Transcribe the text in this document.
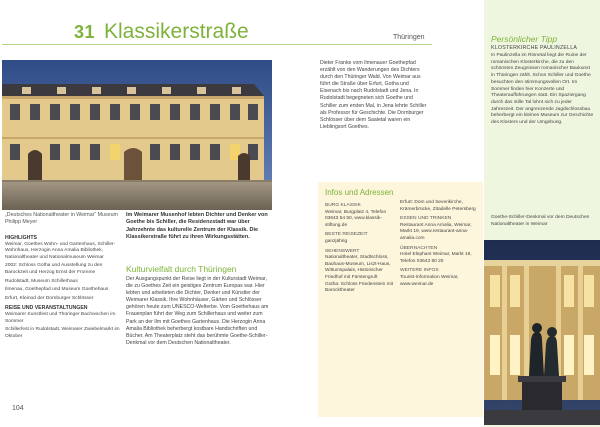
31 Klassikerstraße	Thüringen
„Deutsches Nationaltheater in Weimar“ Museum Philipp Meyer
HIGHLIGHTS

Weimar, Goethes Wohn- und Gartenhaus, Schiller-Wohnhaus, Herzogin Anna Amalia Bibliothek, Nationaltheater und Nationalmuseum Weimar

2002: Schloss Gotha und Ausstellung zu den Barockzeit und Herzog Ernst der Fromme

Rudolstadt, Museum Schillerhaus

Ilmenau, Goethepfad und Museum Goethehaus

Erfurt, Kleinod der Dornburger Schlösser

REISE UND VERANSTALTUNGEN

Weimarer Kunstfest und Thüringer Bachwochen im Sommer

Schillerfest in Rudolstadt, Weimarer Zwiebelmarkt im Oktober

Im Weimarer Musenhof lebten Dichter und Denker von Goethe bis Schiller, die Residenzstadt war über Jahrzehnte das kulturelle Zentrum der Klassik. Die Klassikerstraße führt zu ihren Wirkungsstätten.
Kulturvielfalt durch Thüringen
Der Ausgangspunkt der Reise liegt in der Kulturstadt Weimar, die zu Goethes Zeit ein geistiges Zentrum Europas war. Hier lebten und arbeiteten die Dichter, Denker und Künstler der Weimarer Klassik. Ihre Wohnhäuser, Gärten und Schlösser gehören heute zum UNESCO-Welterbe. Vom Goethehaus am Frauenplan führt der Weg zum Schillerhaus und weiter zum Park an der Ilm mit Goethes Gartenhaus. Die Herzogin Anna Amalia Bibliothek beherbergt kostbare Handschriften und Bücher. Am Theaterplatz steht das berühmte Goethe-Schiller-Denkmal vor dem Deutschen Nationaltheater.
Dieter Franke vom Ilmenauer Goethepfad erzählt von den Wanderungen des Dichters durch den Thüringer Wald. Von Weimar aus führt die Straße über Erfurt, Gotha und Eisenach bis nach Rudolstadt und Jena. In Rudolstadt begegneten sich Goethe und Schiller zum ersten Mal, in Jena lehrte Schiller als Professor für Geschichte. Die Dornburger Schlösser über dem Saaletal waren ein Lieblingsort Goethes.
Infos und Adressen
BURG KLASSIK

Weimar, Burgplatz 4, Telefon 03643 54 50, www.klassik-stiftung.de

BESTE REISEZEIT

ganzjährig

SEHENSWERT

Nationaltheater, Stadtschloss, Bauhaus-Museum, Liszt-Haus, Wittumspalais, Historischer Friedhof mit Fürstengruft

Gotha: Schloss Friedenstein mit Barocktheater

Erfurt: Dom und Severikirche, Krämerbrücke, Zitadelle Petersberg

ESSEN UND TRINKEN

Restaurant Anna Amalia, Weimar, Markt 19, www.restaurant-anna-amalia.com

ÜBERNACHTEN

Hotel Elephant Weimar, Markt 19, Telefon 03643 80 20

WEITERE INFOS

Tourist-Information Weimar, www.weimar.de

104
Persönlicher Tipp
KLOSTERKIRCHE PAULINZELLA
In Paulinzella im Rinnetal liegt die Ruine der romanischen Klosterkirche, die zu den schönsten Zeugnissen romanischer Baukunst in Thüringen zählt. Schon Schiller und Goethe besuchten den stimmungsvollen Ort. Im Sommer finden hier Konzerte und Theateraufführungen statt. Ein Spaziergang durch das stille Tal lohnt sich zu jeder Jahreszeit. Der angrenzende Jagdschlossbau beherbergt ein kleines Museum zur Geschichte des Klosters und der Umgebung.
Goethe-Schiller-Denkmal vor dem Deutschen Nationaltheater in Weimar
